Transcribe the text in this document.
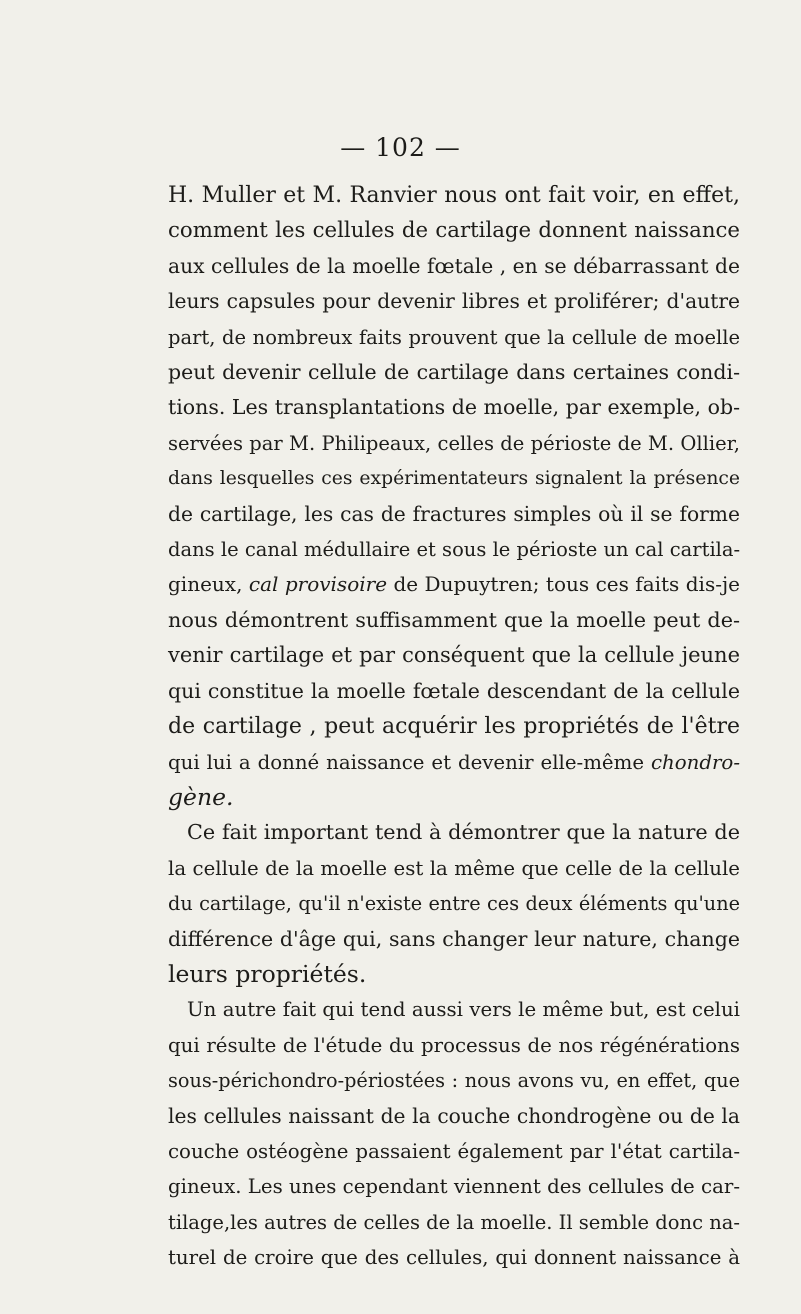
— 102 —
H. Muller et M. Ranvier nous ont fait voir, en effet,
comment les cellules de cartilage donnent naissance
aux cellules de la moelle fœtale , en se débarrassant de
leurs capsules pour devenir libres et proliférer; d'autre
part, de nombreux faits prouvent que la cellule de moelle
peut devenir cellule de cartilage dans certaines condi-
tions. Les transplantations de moelle, par exemple, ob-
servées par M. Philipeaux, celles de périoste de M. Ollier,
dans lesquelles ces expérimentateurs signalent la présence
de cartilage, les cas de fractures simples où il se forme
dans le canal médullaire et sous le périoste un cal cartila-
gineux, cal provisoire de Dupuytren; tous ces faits dis-je
nous démontrent suffisamment que la moelle peut de-
venir cartilage et par conséquent que la cellule jeune
qui constitue la moelle fœtale descendant de la cellule
de cartilage , peut acquérir les propriétés de l'être
qui lui a donné naissance et devenir elle-même chondro-
gène.
Ce fait important tend à démontrer que la nature de
la cellule de la moelle est la même que celle de la cellule
du cartilage, qu'il n'existe entre ces deux éléments qu'une
différence d'âge qui, sans changer leur nature, change
leurs propriétés.
Un autre fait qui tend aussi vers le même but, est celui
qui résulte de l'étude du processus de nos régénérations
sous-périchondro-périostées : nous avons vu, en effet, que
les cellules naissant de la couche chondrogène ou de la
couche ostéogène passaient également par l'état cartila-
gineux. Les unes cependant viennent des cellules de car-
tilage,les autres de celles de la moelle. Il semble donc na-
turel de croire que des cellules, qui donnent naissance à
